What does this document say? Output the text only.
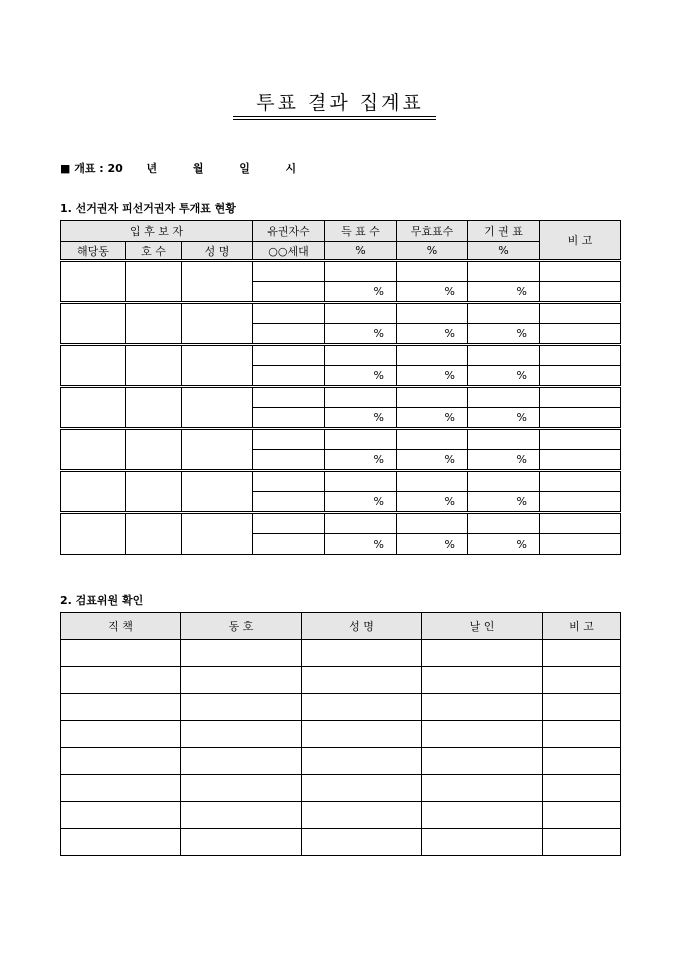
투표 결과 집계표
■ 개표 : 20 년	월	일	시
1. 선거권자 피선거권자 투개표 현황
입 후 보 자			유권자수	득 표 수	무효표수	기 권 표	비 고
해당동	호 수	성 명	○○세대	%	%	%	

				%	%	%	

				%	%	%	

				%	%	%	

				%	%	%	

				%	%	%	

				%	%	%	

				%	%	%	
2. 검표위원 확인
직 책	동 호	성 명	날 인	비 고
